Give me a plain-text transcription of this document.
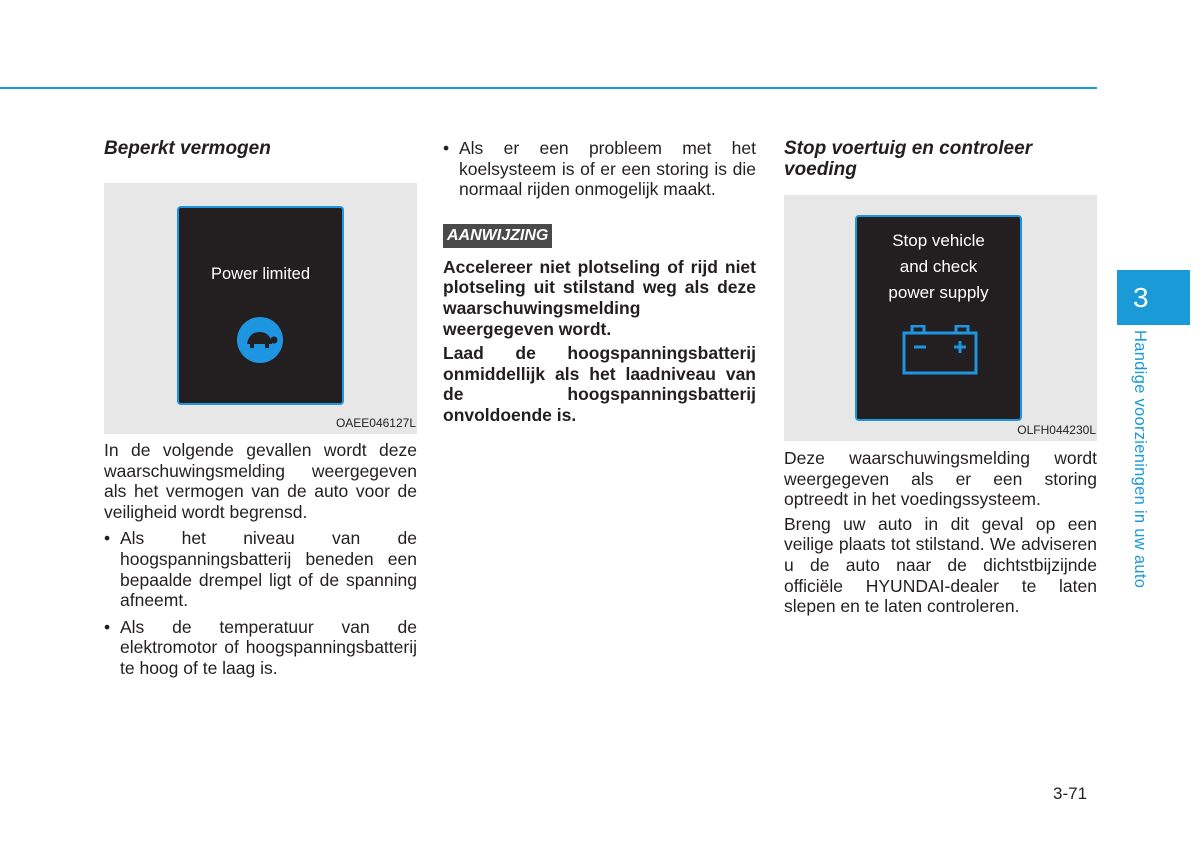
Beperkt vermogen
Power limited
OAEE046127L

In de volgende gevallen wordt deze waarschuwingsmelding weergegeven als het vermogen van de auto voor de veiligheid wordt begrensd.

• Als het niveau van de hoogspanningsbatterij beneden een bepaalde drempel ligt of de spanning afneemt.
• Als de temperatuur van de elektromotor of hoogspanningsbatterij te hoog of te laag is.
• Als er een probleem met het koelsysteem is of er een storing is die normaal rijden onmogelijk maakt.
AANWIJZING

Accelereer niet plotseling of rijd niet plotseling uit stilstand weg als deze waarschuwingsmelding weergegeven wordt.

Laad de hoogspanningsbatterij onmiddellijk als het laadniveau van de hoogspanningsbatterij onvoldoende is.

Stop voertuig en controleer voeding
Stop vehicle
and check
power supply
OLFH044230L

Deze waarschuwingsmelding wordt weergegeven als er een storing optreedt in het voedingssysteem.

Breng uw auto in dit geval op een veilige plaats tot stilstand. We adviseren u de auto naar de dichtstbijzijnde officiële HYUNDAI-dealer te laten slepen en te laten controleren.

3
Handige voorzieningen in uw auto
3-71
